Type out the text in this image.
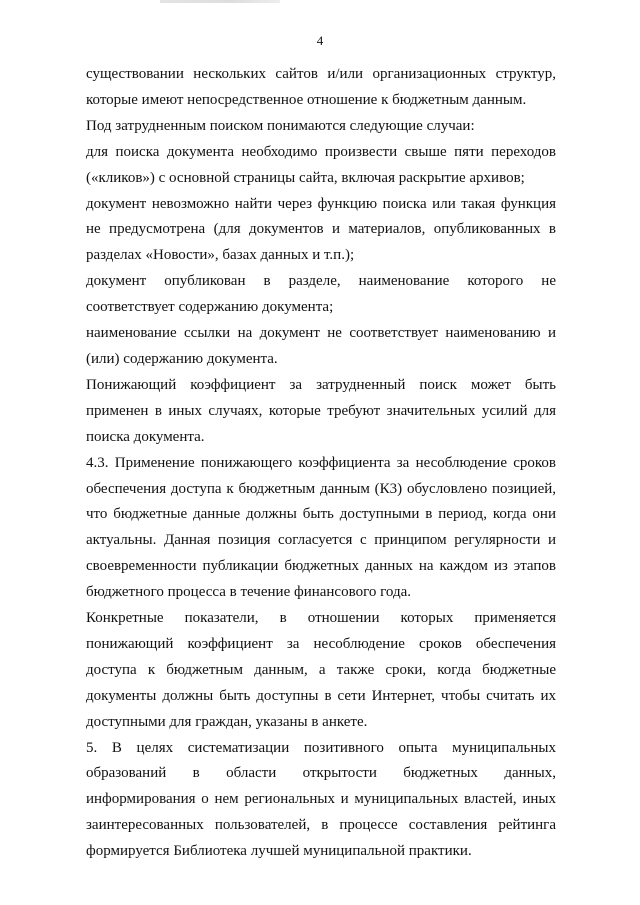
4

существовании нескольких сайтов и/или организационных структур, которые имеют непосредственное отношение к бюджетным данным.

Под затрудненным поиском понимаются следующие случаи:

для поиска документа необходимо произвести свыше пяти переходов («кликов») с основной страницы сайта, включая раскрытие архивов;

документ невозможно найти через функцию поиска или такая функция не предусмотрена (для документов и материалов, опубликованных в разделах «Новости», базах данных и т.п.);

документ опубликован в разделе, наименование которого не соответствует содержанию документа;

наименование ссылки на документ не соответствует наименованию и (или) содержанию документа.

Понижающий коэффициент за затрудненный поиск может быть применен в иных случаях, которые требуют значительных усилий для поиска документа.

4.3. Применение понижающего коэффициента за несоблюдение сроков обеспечения доступа к бюджетным данным (К3) обусловлено позицией, что бюджетные данные должны быть доступными в период, когда они актуальны. Данная позиция согласуется с принципом регулярности и своевременности публикации бюджетных данных на каждом из этапов бюджетного процесса в течение финансового года.

Конкретные показатели, в отношении которых применяется понижающий коэффициент за несоблюдение сроков обеспечения доступа к бюджетным данным, а также сроки, когда бюджетные документы должны быть доступны в сети Интернет, чтобы считать их доступными для граждан, указаны в анкете.

5. В целях систематизации позитивного опыта муниципальных образований в области открытости бюджетных данных, информирования о нем региональных и муниципальных властей, иных заинтересованных пользователей, в процессе составления рейтинга формируется Библиотека лучшей муниципальной практики.
